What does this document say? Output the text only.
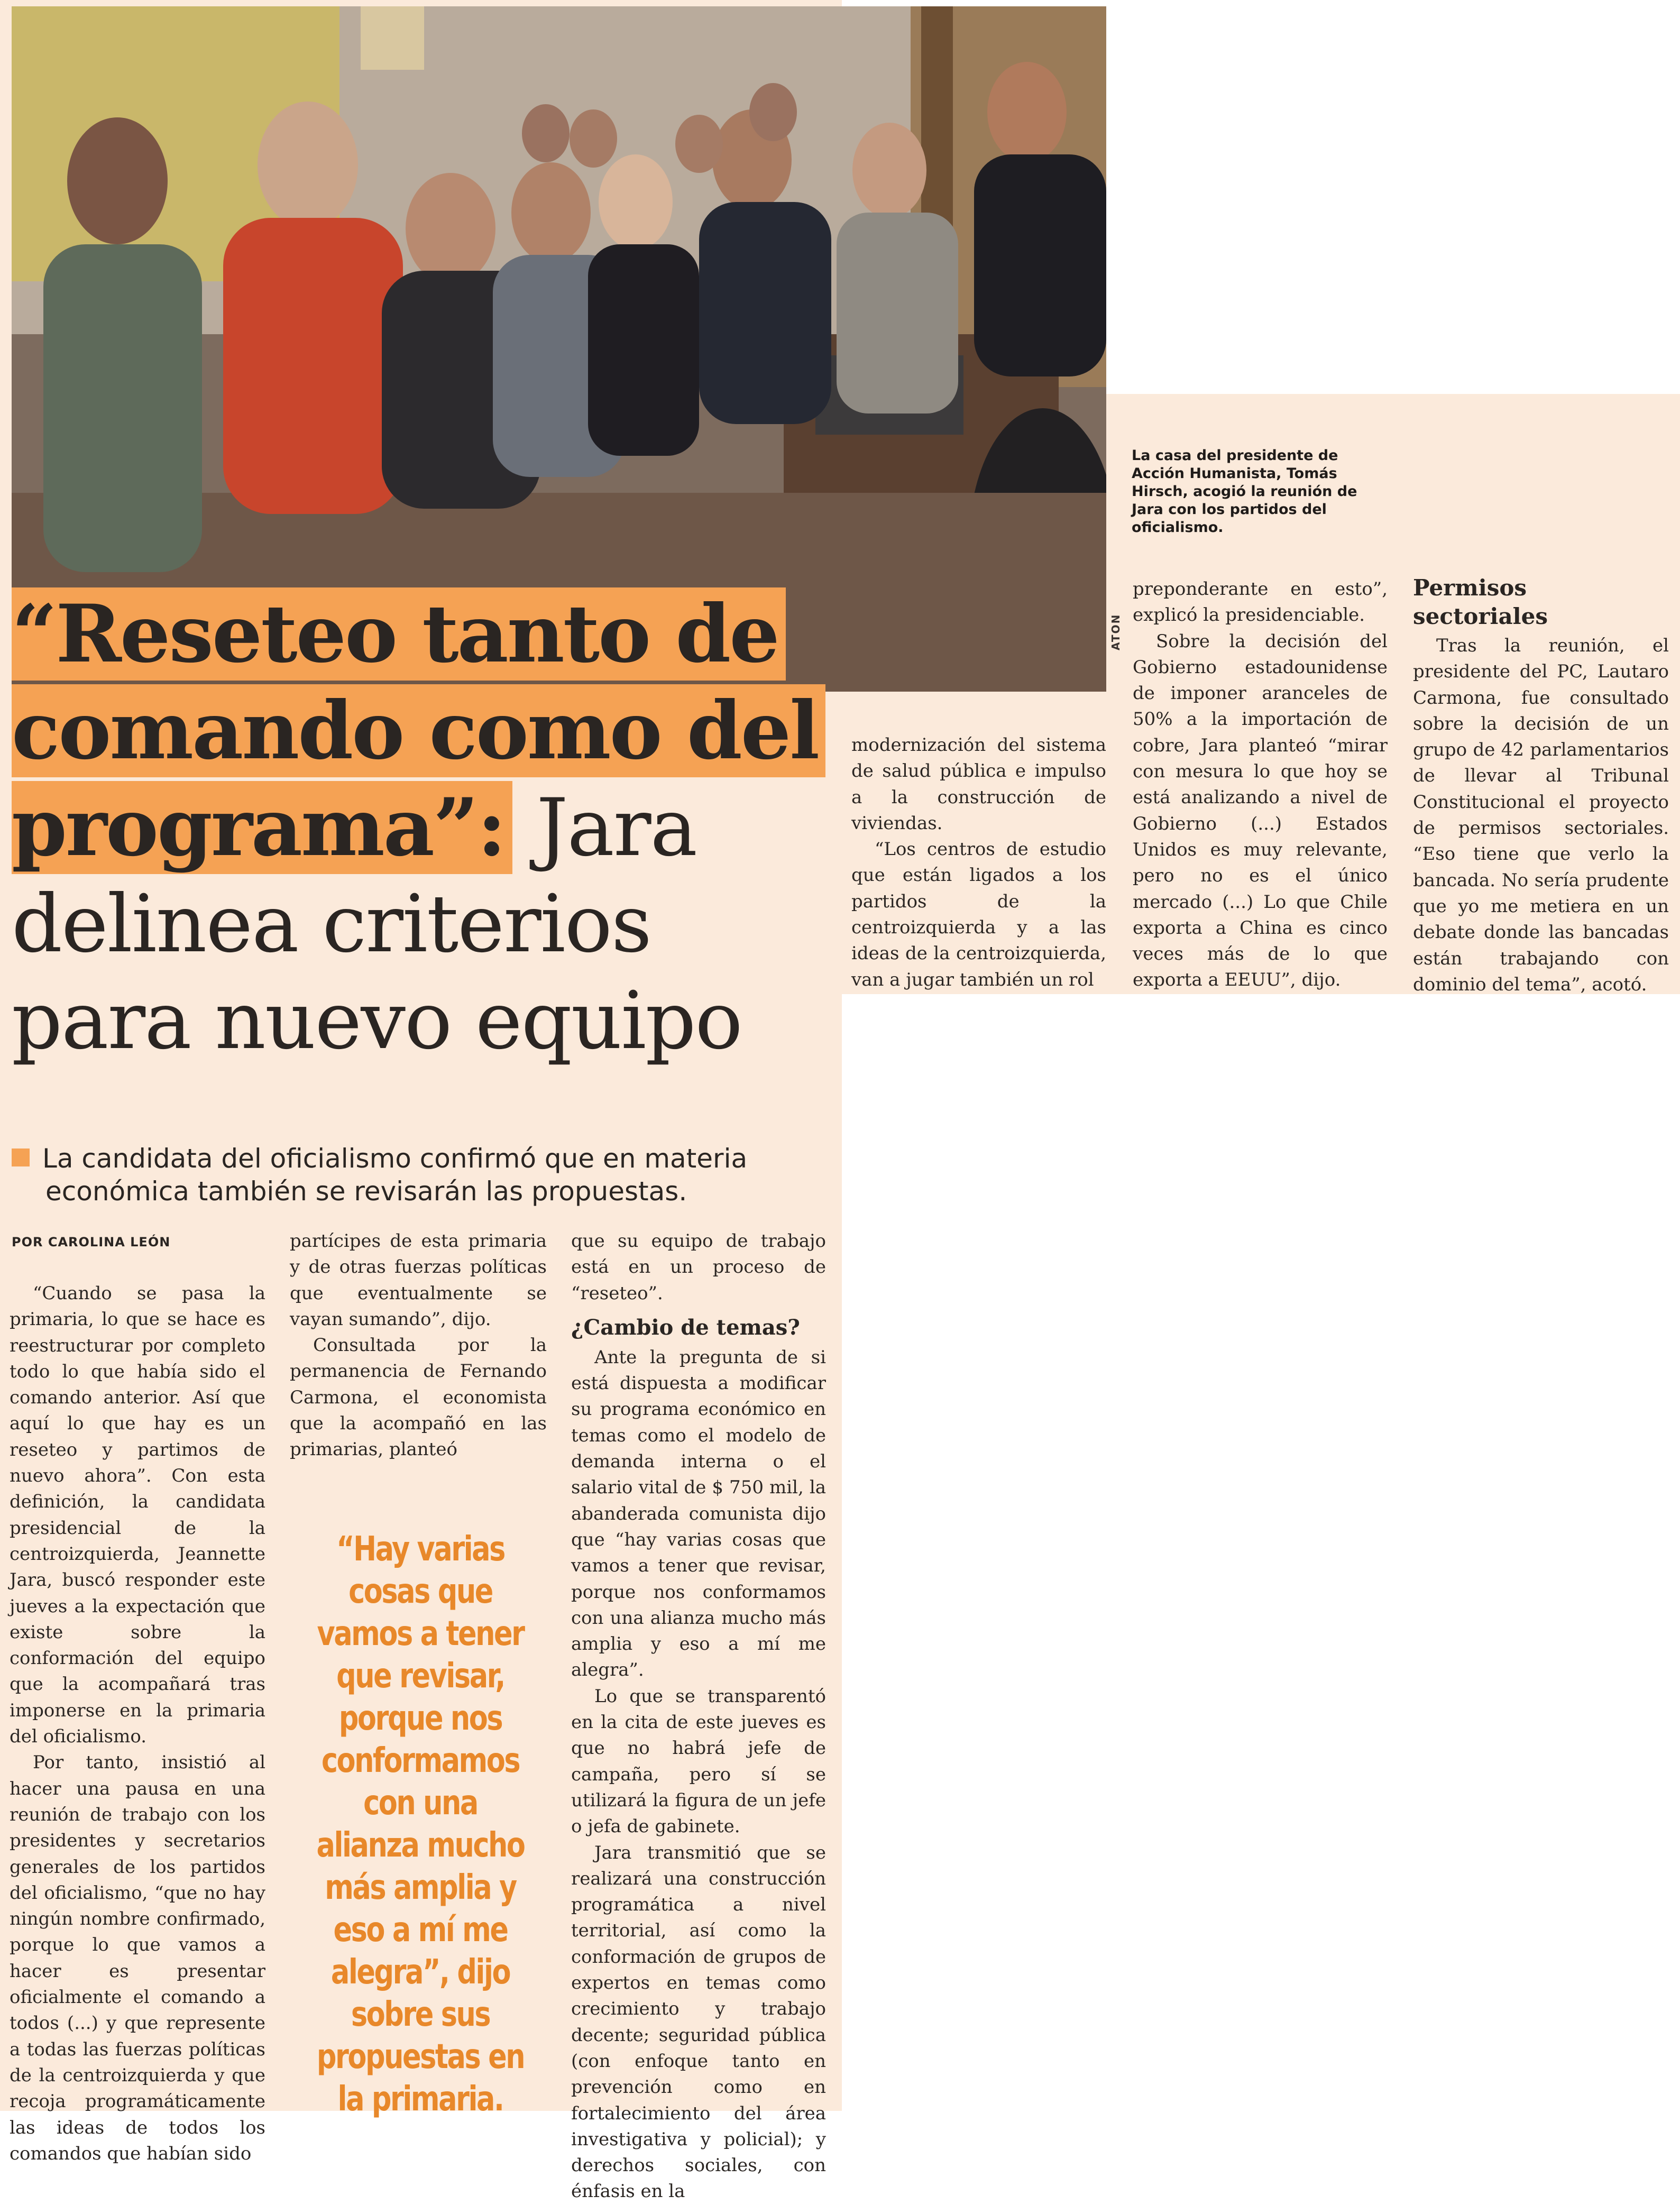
ATON
La casa del presidente de Acción Humanista, Tomás Hirsch, acogió la reunión de Jara con los partidos del oficialismo.
“Reseteo tanto de
comando como del
programa”: Jara
delinea criterios
para nuevo equipo
La candidata del oficialismo confirmó que en materia
económica también se revisarán las propuestas.
POR CAROLINA LEÓN

“Cuando se pasa la primaria, lo que se hace es reestructurar por completo todo lo que había sido el comando anterior. Así que aquí lo que hay es un reseteo y partimos de nuevo ahora”. Con esta definición, la candidata presidencial de la centroizquierda, Jeannette Jara, buscó responder este jueves a la expectación que existe sobre la conformación del equipo que la acompañará tras imponerse en la primaria del oficialismo.

Por tanto, insistió al hacer una pausa en una reunión de trabajo con los presidentes y secretarios generales de los partidos del oficialismo, “que no hay ningún nombre confirmado, porque lo que vamos a hacer es presentar oficialmente el comando a todos (...) y que represente a todas las fuerzas políticas de la centroizquierda y que recoja programáticamente las ideas de todos los comandos que habían sido

partícipes de esta primaria y de otras fuerzas políticas que eventualmente se vayan sumando”, dijo.

Consultada por la permanencia de Fernando Carmona, el economista que la acompañó en las primarias, planteó

“Hay varias cosas que vamos a tener que revisar, porque nos conformamos con una alianza mucho más amplia y eso a mí me alegra”, dijo sobre sus propuestas en la primaria.

que su equipo de trabajo está en un proceso de “reseteo”.

¿Cambio de temas?

Ante la pregunta de si está dispuesta a modificar su programa económico en temas como el modelo de demanda interna o el salario vital de $ 750 mil, la abanderada comunista dijo que “hay varias cosas que vamos a tener que revisar, porque nos conformamos con una alianza mucho más amplia y eso a mí me alegra”.

Lo que se transparentó en la cita de este jueves es que no habrá jefe de campaña, pero sí se utilizará la figura de un jefe o jefa de gabinete.

Jara transmitió que se realizará una construcción programática a nivel territorial, así como la conformación de grupos de expertos en temas como crecimiento y trabajo decente; seguridad pública (con enfoque tanto en prevención como en fortalecimiento del área investigativa y policial); y derechos sociales, con énfasis en la

modernización del sistema de salud pública e impulso a la construcción de viviendas.

“Los centros de estudio que están ligados a los partidos de la centroizquierda y a las ideas de la centroizquierda, van a jugar también un rol

preponderante en esto”, explicó la presidenciable.

Sobre la decisión del Gobierno estadounidense de imponer aranceles de 50% a la importación de cobre, Jara planteó “mirar con mesura lo que hoy se está analizando a nivel de Gobierno (...) Estados Unidos es muy relevante, pero no es el único mercado (...) Lo que Chile exporta a China es cinco veces más de lo que exporta a EEUU”, dijo.

Permisos sectoriales

Tras la reunión, el presidente del PC, Lautaro Carmona, fue consultado sobre la decisión de un grupo de 42 parlamentarios de llevar al Tribunal Constitucional el proyecto de permisos sectoriales. “Eso tiene que verlo la bancada. No sería prudente que yo me metiera en un debate donde las bancadas están trabajando con dominio del tema”, acotó.
